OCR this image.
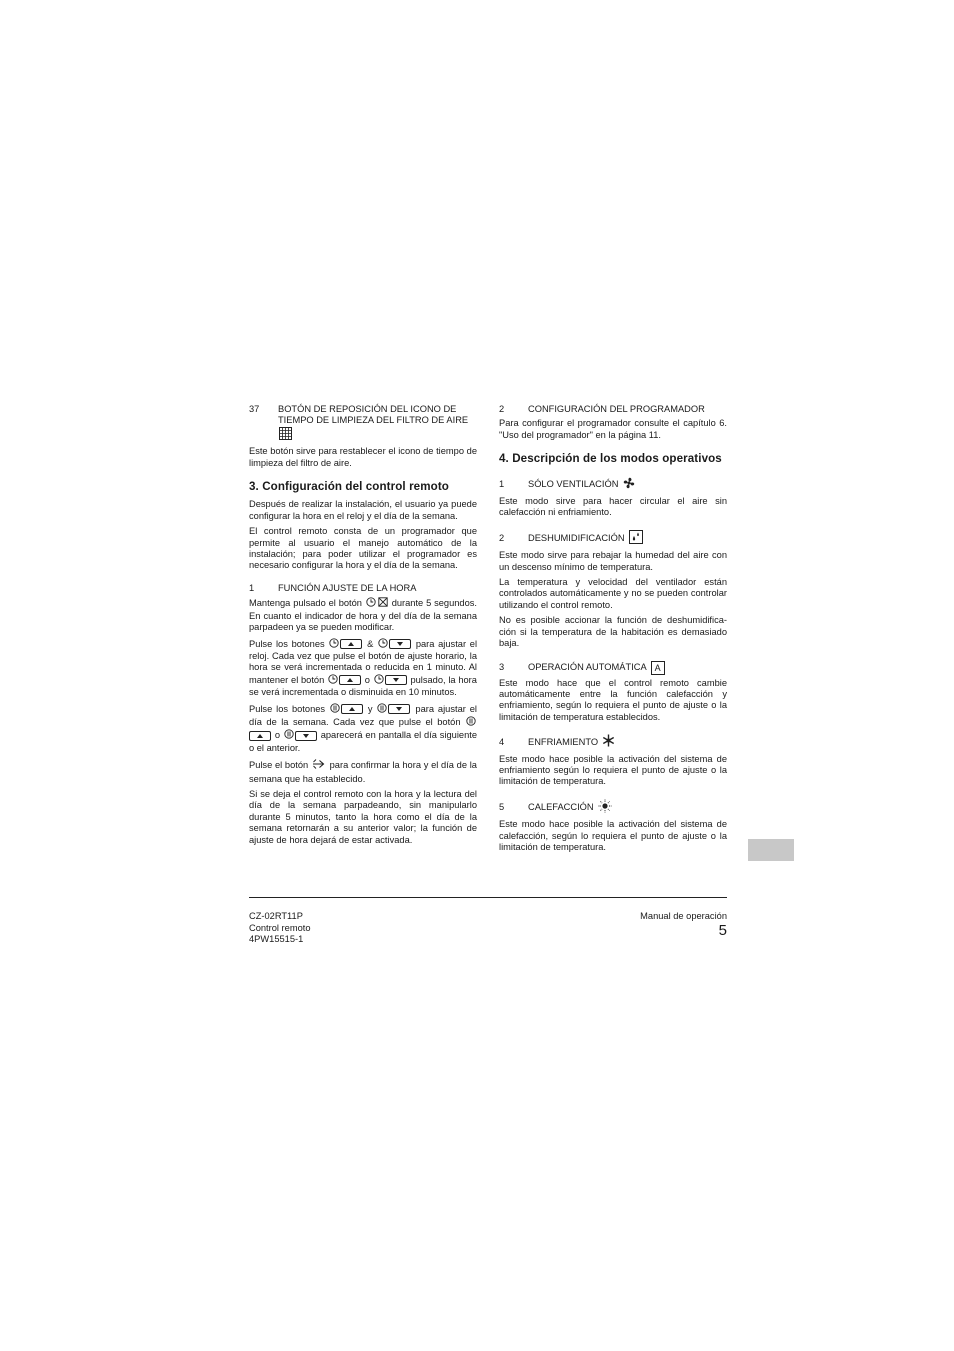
37	BOTÓN DE REPOSICIÓN DEL ICONO DE TIEMPO DE LIMPIEZA DEL FILTRO DE AIRE

Este botón sirve para restablecer el icono de tiempo de limpieza del filtro de aire.

3. Configuración del control remoto

Después de realizar la instalación, el usuario ya puede configurar la hora en el reloj y el día de la semana.

El control remoto consta de un programador que permite al usuario el manejo automático de la instalación; para poder utilizar el programador es necesario configurar la hora y el día de la semana.

1	FUNCIÓN AJUSTE DE LA HORA

Mantenga pulsado el botón	durante 5 segundos. En cuanto el indicador de hora y del día de la semana parpadeen ya se pueden modificar.

Pulse los botones	&	para ajustar el reloj. Cada vez que pulse el botón de ajuste horario, la hora se verá incrementada o reducida en 1 minuto. Al mantener el botón	o	pulsado, la hora se verá incrementada o disminuida en 10 minutos.

Pulse los botones	y	para ajustar el día de la semana. Cada vez que pulse el botón  o	aparecerá en pantalla el día siguiente o el anterior.

Pulse el botón para confirmar la hora y el día de la semana que ha establecido.

Si se deja el control remoto con la hora y la lectura del día de la semana parpadeando, sin manipularlo durante 5 minutos, tanto la hora como el día de la semana retornarán a su anterior valor; la función de ajuste de hora dejará de estar activada.

2	CONFIGURACIÓN DEL PROGRAMADOR

Para configurar el programador consulte el capítulo 6. "Uso del programador" en la página 11.

4. Descripción de los modos operativos
1	SÓLO VENTILACIÓN

Este modo sirve para hacer circular el aire sin calefacción ni enfriamiento.

2	DESHUMIDIFICACIÓN

Este modo sirve para rebajar la humedad del aire con un descenso mínimo de temperatura.

La temperatura y velocidad del ventilador están controlados automáticamente y no se pueden controlar utilizando el control remoto.

No es posible accionar la función de deshumidifica-ción si la temperatura de la habitación es demasiado baja.

3	OPERACIÓN AUTOMÁTICA A

Este modo hace que el control remoto cambie automáticamente entre la función calefacción y enfriamiento, según lo requiera el punto de ajuste o la limitación de temperatura establecidos.

4	ENFRIAMIENTO

Este modo hace posible la activación del sistema de enfriamiento según lo requiera el punto de ajuste o la limitación de temperatura.

5	CALEFACCIÓN

Este modo hace posible la activación del sistema de calefacción, según lo requiera el punto de ajuste o la limitación de temperatura.

CZ-02RT11P
Control remoto
4PW15515-1
Manual de operación
5
